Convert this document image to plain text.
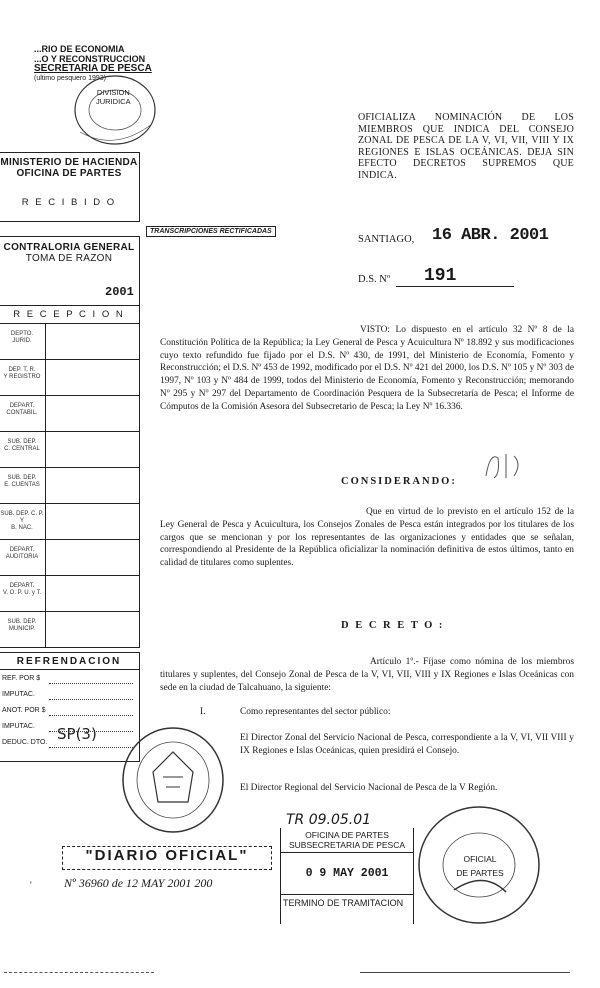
...RIO DE ECONOMIA
...O Y RECONSTRUCCION
SECRETARIA DE PESCA
(ultimo pesquero 1993)
DIVISION
JURIDICA
MINISTERIO DE HACIENDA
OFICINA DE PARTES
R E C I B I D O
TRANSCRIPCIONES RECTIFICADAS
CONTRALORIA GENERAL
TOMA DE RAZON
2001
R E C E P C I O N
DEPTO.
JURID.
DEP. T. R.
Y REGISTRO
DEPART.
CONTABIL.
SUB. DEP.
C. CENTRAL
SUB. DEP.
E. CUENTAS
SUB. DEP. C. P. Y
B. NAC.
DEPART.
AUDITORIA
DEPART.
V. O. P. U. y T.
SUB. DEP.
MUNICIP.
REFRENDACION
REF. POR $
IMPUTAC.
ANOT. POR $
IMPUTAC.
DEDUC. DTO. SP(3)
OFICIALIZA NOMINACIÓN DE LOS MIEMBROS QUE INDICA DEL CONSEJO ZONAL DE PESCA DE LA V, VI, VII, VIII Y IX REGIONES E ISLAS OCEÁNICAS. DEJA SIN EFECTO DECRETOS SUPREMOS QUE INDICA.
SANTIAGO, 16 ABR. 2001
D.S. Nº 191
VISTO: Lo dispuesto en el artículo 32 Nº 8 de la Constitución Política de la República; la Ley General de Pesca y Acuicultura Nº 18.892 y sus modificaciones cuyo texto refundido fue fijado por el D.S. Nº 430, de 1991, del Ministerio de Economía, Fomento y Reconstrucción; el D.S. Nº 453 de 1992, modificado por el D.S. Nº 421 del 2000, los D.S. Nº 105 y Nº 303 de 1997, Nº 103 y Nº 484 de 1999, todos del Ministerio de Economía, Fomento y Reconstrucción; memorando Nº 295 y Nº 297 del Departamento de Coordinación Pesquera de la Subsecretaría de Pesca; el Informe de Cómputos de la Comisión Asesora del Subsecretario de Pesca; la Ley Nº 16.336.
CONSIDERANDO:
Que en virtud de lo previsto en el artículo 152 de la Ley General de Pesca y Acuicultura, los Consejos Zonales de Pesca están integrados por los titulares de los cargos que se mencionan y por los representantes de las organizaciones y entidades que se señalan, correspondiendo al Presidente de la República oficializar la nominación definitiva de estos últimos, tanto en calidad de titulares como suplentes.
D E C R E T O :
Artículo 1º.- Fíjase como nómina de los miembros titulares y suplentes, del Consejo Zonal de Pesca de la V, VI, VII, VIII y IX Regiones e Islas Oceánicas con sede en la ciudad de Talcahuano, la siguiente:
I.	Como representantes del sector público:
El Director Zonal del Servicio Nacional de Pesca, correspondiente a la V, VI, VII VIII y IX Regiones e Islas Oceánicas, quien presidirá el Consejo.
El Director Regional del Servicio Nacional de Pesca de la V Región.
TR 09.05.01
OFICINA DE PARTES
SUBSECRETARIA DE PESCA
0 9 MAY 2001
TERMINO DE TRAMITACION
OFICIAL
DE PARTES
"DIARIO OFICIAL"
Nº 36960 de 12 MAY 2001 200
'
